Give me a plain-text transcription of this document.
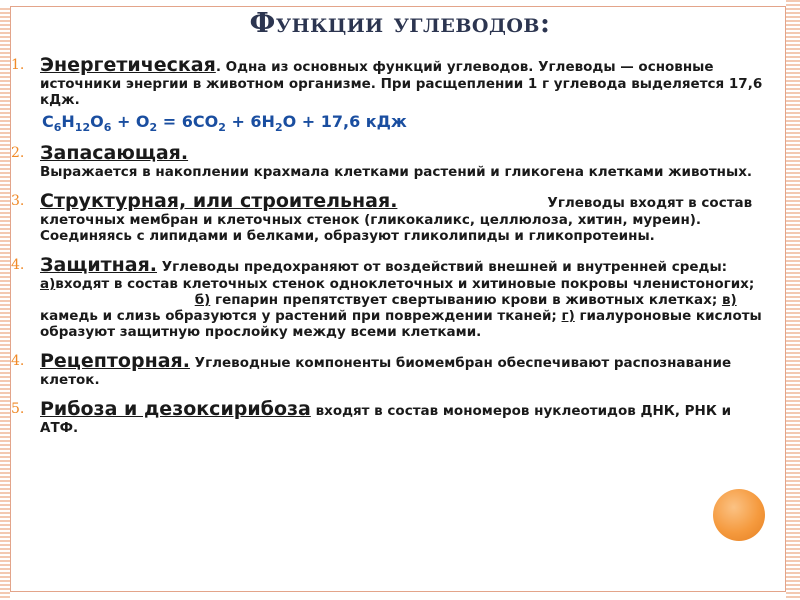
Функции углеводов:
1. Энергетическая. Одна из основных функций углеводов. Углеводы — основные источники энергии в животном организме. При расщеплении 1 г углевода выделяется 17,6 кДж.
$C_6H_{12}O_6 + O_2 = 6CO_2 + 6H_2O + 17,6$ кДж
2. Запасающая.
Выражается в накоплении крахмала клетками растений и гликогена клетками животных.
3. Структурная, или строительная.	Углеводы входят в состав клеточных мембран и клеточных стенок (гликокаликс, целлюлоза, хитин, муреин). Соединяясь с липидами и белками, образуют гликолипиды и гликопротеины.
4. Защитная. Углеводы предохраняют от воздействий внешней и внутренней среды: а)входят в состав клеточных стенок одноклеточных и хитиновые покровы членистоногих;  б) гепарин препятствует свертыванию крови в животных клетках; в) камедь и слизь образуются у растений при повреждении тканей; г) гиалуроновые кислоты образуют защитную прослойку между всеми клетками.
4. Рецепторная. Углеводные компоненты биомембран обеспечивают распознавание клеток.
5. Рибоза и дезоксирибоза входят в состав мономеров нуклеотидов ДНК, РНК и АТФ.
